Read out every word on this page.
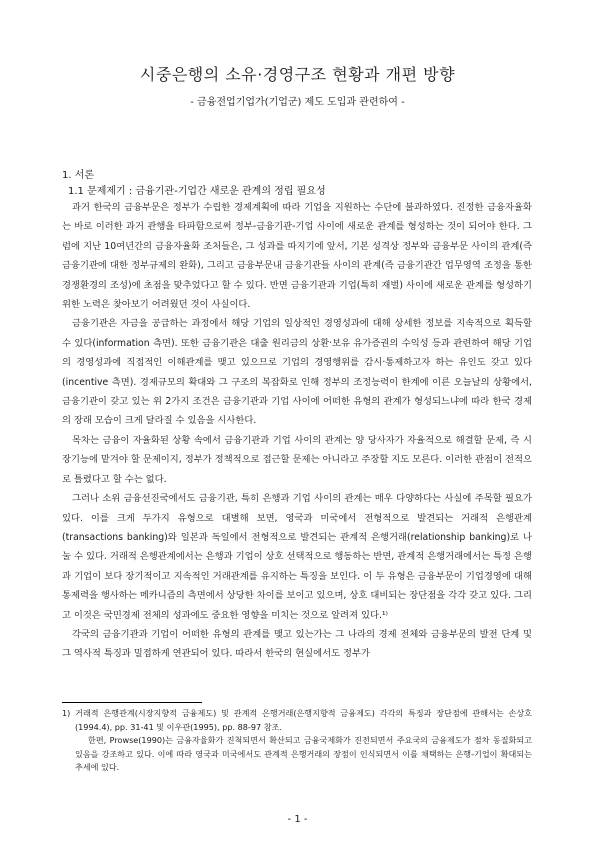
시중은행의 소유·경영구조 현황과 개편 방향
- 금융전업기업가(기업군) 제도 도입과 관련하여 -
1. 서론
1.1 문제제기 : 금융기관-기업간 새로운 관계의 정립 필요성

과거 한국의 금융부문은 정부가 수립한 경제계획에 따라 기업을 지원하는 수단에 불과하였다. 진정한 금융자율화는 바로 이러한 과거 관행을 타파함으로써 정부-금융기관-기업 사이에 새로운 관계를 형성하는 것이 되어야 한다. 그럼에 지난 10여년간의 금융자율화 조처들은, 그 성과를 따지기에 앞서, 기본 성격상 정부와 금융부문 사이의 관계(즉 금융기관에 대한 정부규제의 완화), 그리고 금융부문내 금융기관들 사이의 관계(즉 금융기관간 업무영역 조정을 통한 경쟁환경의 조성)에 초점을 맞추었다고 할 수 있다. 반면 금융기관과 기업(특히 재벌) 사이에 새로운 관계를 형성하기 위한 노력은 찾아보기 어려웠던 것이 사실이다.

금융기관은 자금을 공급하는 과정에서 해당 기업의 일상적인 경영성과에 대해 상세한 정보를 지속적으로 획득할 수 있다(information 측면). 또한 금융기관은 대출 원리금의 상환·보유 유가증권의 수익성 등과 관련하여 해당 기업의 경영성과에 직접적인 이해관계를 맺고 있으므로 기업의 경영행위를 감시·통제하고자 하는 유인도 갖고 있다(incentive 측면). 경제규모의 확대와 그 구조의 복잡화로 인해 정부의 조정능력이 한계에 이른 오늘날의 상황에서, 금융기관이 갖고 있는 위 2가지 조건은 금융기관과 기업 사이에 어떠한 유형의 관계가 형성되느냐에 따라 한국 경제의 장래 모습이 크게 달라질 수 있음을 시사한다.

목차는 금융이 자율화된 상황 속에서 금융기관과 기업 사이의 관계는 양 당사자가 자율적으로 해결할 문제, 즉 시장기능에 맡겨야 할 문제이지, 정부가 정책적으로 접근할 문제는 아니라고 주장할 지도 모른다. 이러한 관점이 전적으로 틀렸다고 할 수는 없다.

그러나 소위 금융선진국에서도 금융기관, 특히 은행과 기업 사이의 관계는 매우 다양하다는 사실에 주목할 필요가 있다. 이를 크게 두가지 유형으로 대별해 보면, 영국과 미국에서 전형적으로 발견되는 거래적 은행관계(transactions banking)와 일본과 독일에서 전형적으로 발견되는 관계적 은행거래(relationship banking)로 나눌 수 있다. 거래적 은행관계에서는 은행과 기업이 상호 선택적으로 행동하는 반면, 관계적 은행거래에서는 특정 은행과 기업이 보다 장기적이고 지속적인 거래관계를 유지하는 특징을 보인다. 이 두 유형은 금융부문이 기업경영에 대해 통제력을 행사하는 메카니즘의 측면에서 상당한 차이를 보이고 있으며, 상호 대비되는 장단점을 각각 갖고 있다. 그리고 이것은 국민경제 전체의 성과에도 중요한 영향을 미치는 것으로 알려져 있다.¹⁾

각국의 금융기관과 기업이 어떠한 유형의 관계를 맺고 있는가는 그 나라의 경제 전체와 금융부문의 발전 단계 및 그 역사적 특징과 밀접하게 연관되어 있다. 따라서 한국의 현실에서도 정부가

1) 거래적 은행관계(시장지향적 금융제도) 및 관계적 은행거래(은행지향적 금융제도) 각각의 특징과 장단점에 관해서는 손상호(1994.4), pp. 31-41 및 이우관(1995), pp. 88-97 참조.

한편, Prowse(1990)는 금융자율화가 진척되면서 확산되고 금융국제화가 진전되면서 주요국의 금융제도가 점차 동질화되고 있음을 강조하고 있다. 이에 따라 영국과 미국에서도 관계적 은행거래의 장점이 인식되면서 이를 채택하는 은행-기업이 확대되는 추세에 있다.

- 1 -
